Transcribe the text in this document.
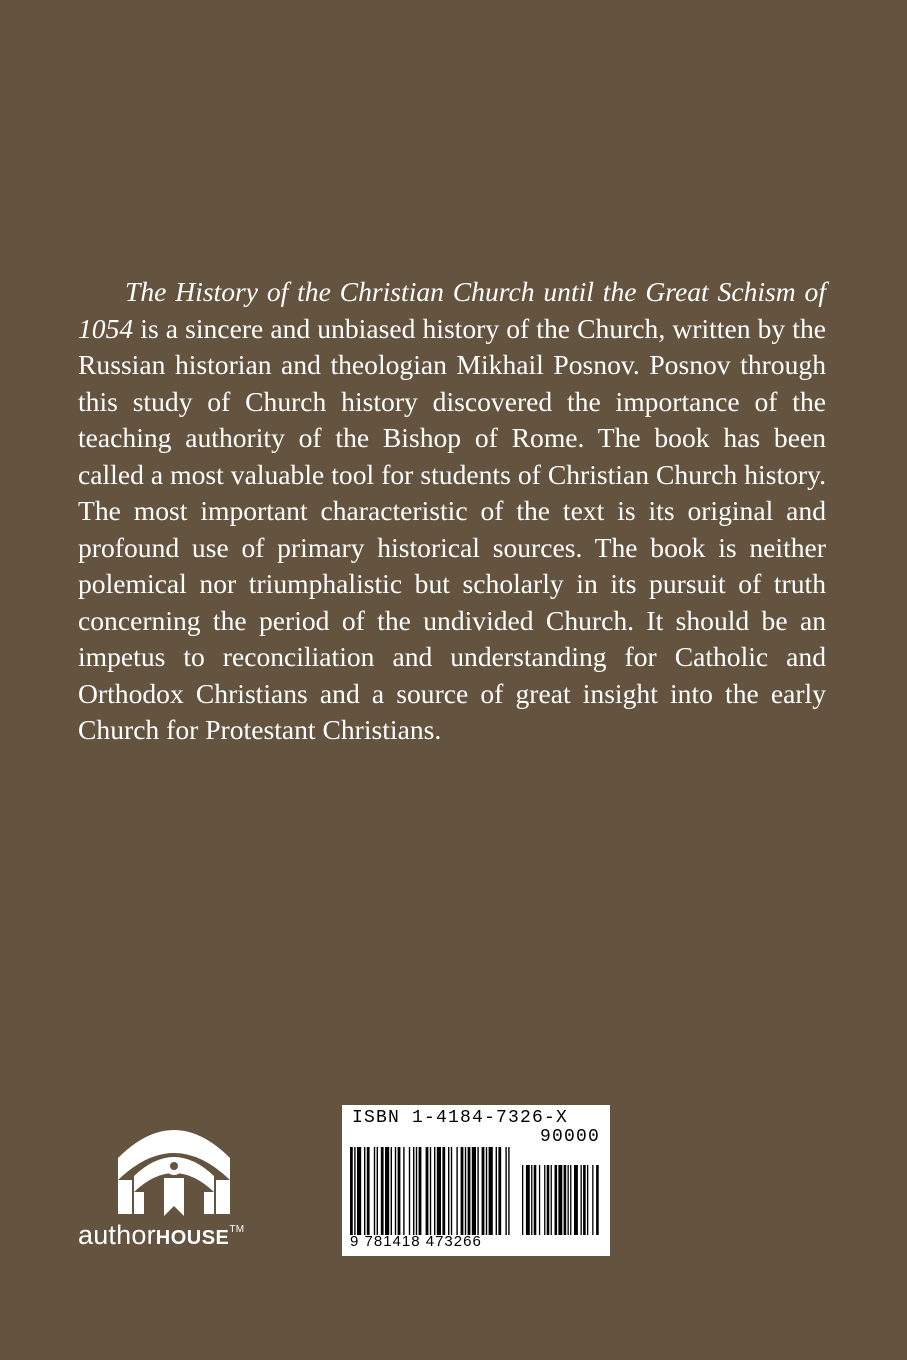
The History of the Christian Church until the Great Schism of 1054 is a sincere and unbiased history of the Church, written by the Russian historian and theologian Mikhail Posnov. Posnov through this study of Church history discovered the importance of the teaching authority of the Bishop of Rome. The book has been called a most valuable tool for students of Christian Church history. The most important characteristic of the text is its original and profound use of primary historical sources. The book is neither polemical nor triumphalistic but scholarly in its pursuit of truth concerning the period of the undivided Church. It should be an impetus to reconciliation and understanding for Catholic and Orthodox Christians and a source of great insight into the early Church for Protestant Christians.

authorHOUSE™
ISBN 1-4184-7326-X
90000
9 781418 473266
